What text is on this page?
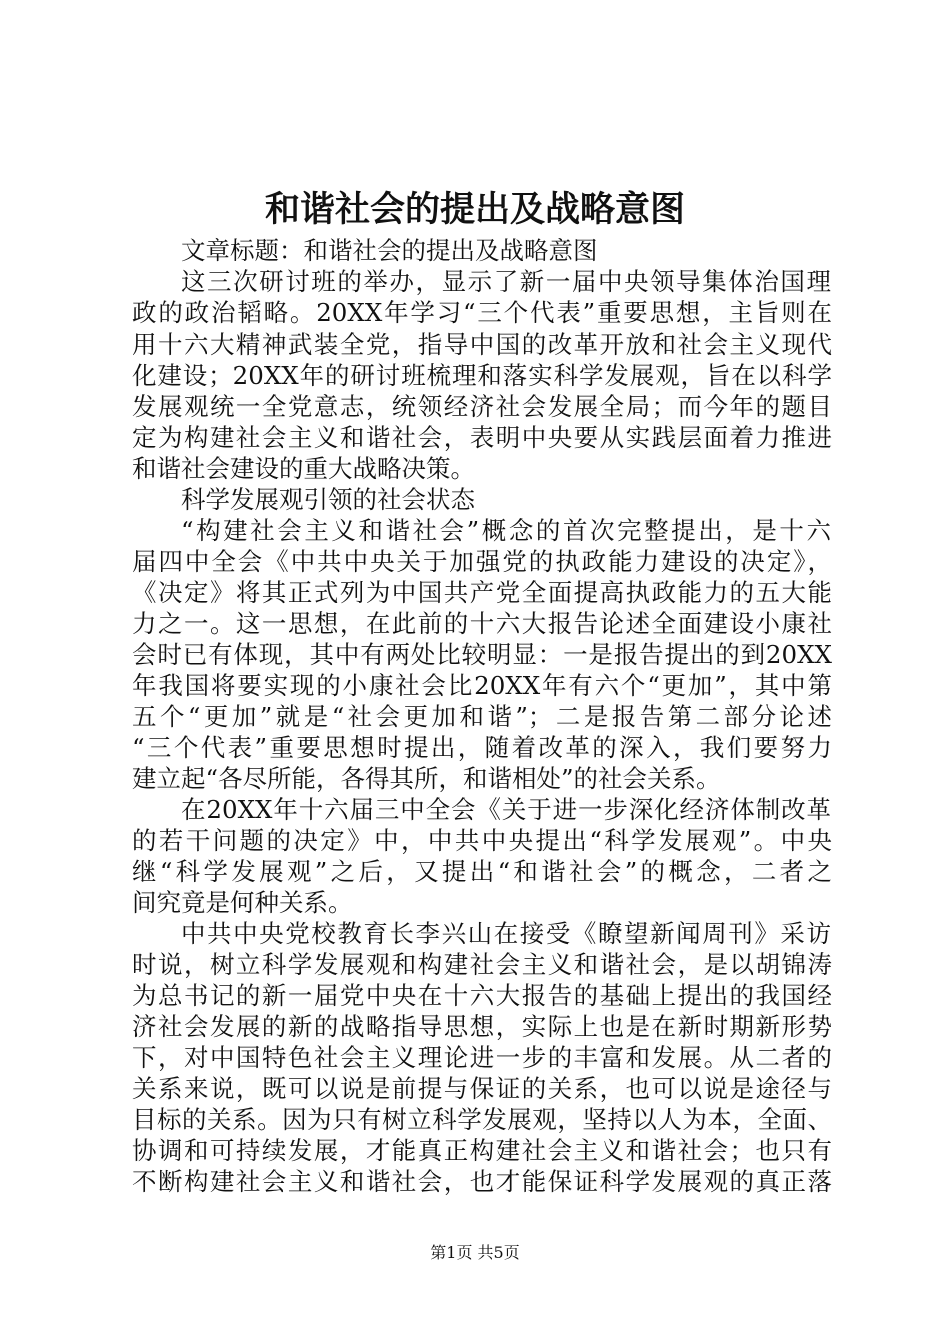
和谐社会的提出及战略意图
文章标题：和谐社会的提出及战略意图
这三次研讨班的举办，显示了新一届中央领导集体治国理
政的政治韬略。20XX年学习“三个代表”重要思想，主旨则在
用十六大精神武装全党，指导中国的改革开放和社会主义现代
化建设；20XX年的研讨班梳理和落实科学发展观，旨在以科学
发展观统一全党意志，统领经济社会发展全局；而今年的题目
定为构建社会主义和谐社会，表明中央要从实践层面着力推进
和谐社会建设的重大战略决策。
科学发展观引领的社会状态
“构建社会主义和谐社会”概念的首次完整提出，是十六
届四中全会《中共中央关于加强党的执政能力建设的决定》，
《决定》将其正式列为中国共产党全面提高执政能力的五大能
力之一。这一思想，在此前的十六大报告论述全面建设小康社
会时已有体现，其中有两处比较明显：一是报告提出的到20XX
年我国将要实现的小康社会比20XX年有六个“更加”，其中第
五个“更加”就是“社会更加和谐”；二是报告第二部分论述
“三个代表”重要思想时提出，随着改革的深入，我们要努力
建立起“各尽所能，各得其所，和谐相处”的社会关系。
在20XX年十六届三中全会《关于进一步深化经济体制改革
的若干问题的决定》中，中共中央提出“科学发展观”。中央
继“科学发展观”之后，又提出“和谐社会”的概念，二者之
间究竟是何种关系。
中共中央党校教育长李兴山在接受《瞭望新闻周刊》采访
时说，树立科学发展观和构建社会主义和谐社会，是以胡锦涛
为总书记的新一届党中央在十六大报告的基础上提出的我国经
济社会发展的新的战略指导思想，实际上也是在新时期新形势
下，对中国特色社会主义理论进一步的丰富和发展。从二者的
关系来说，既可以说是前提与保证的关系，也可以说是途径与
目标的关系。因为只有树立科学发展观，坚持以人为本，全面、
协调和可持续发展，才能真正构建社会主义和谐社会；也只有
不断构建社会主义和谐社会，也才能保证科学发展观的真正落
第1页 共5页
